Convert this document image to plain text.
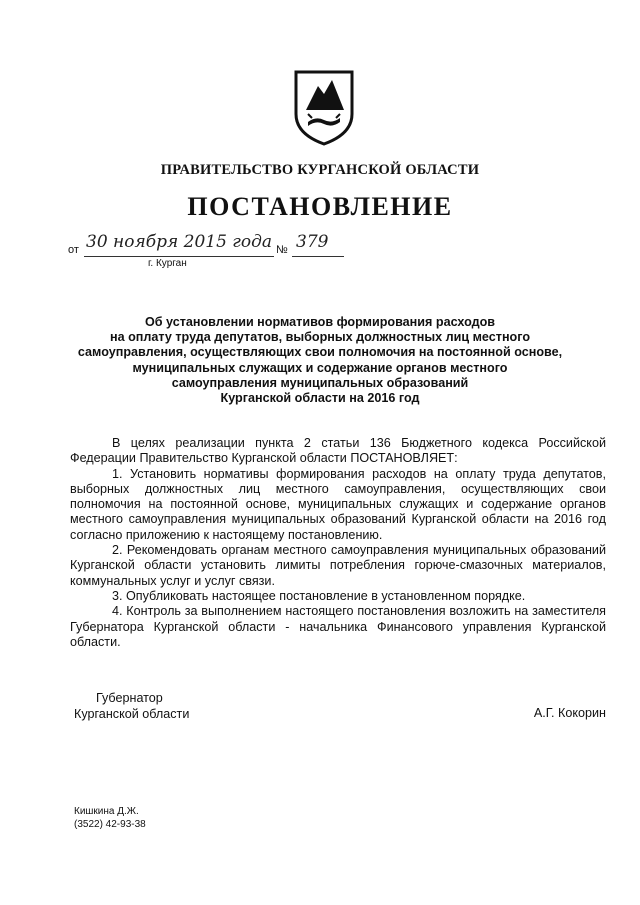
ПРАВИТЕЛЬСТВО КУРГАНСКОЙ ОБЛАСТИ
ПОСТАНОВЛЕНИЕ
от 30 ноября 2015 года № 379
г. Курган
Об установлении нормативов формирования расходов
на оплату труда депутатов, выборных должностных лиц местного
самоуправления, осуществляющих свои полномочия на постоянной основе,
муниципальных служащих и содержание органов местного
самоуправления муниципальных образований
Курганской области на 2016 год

В целях реализации пункта 2 статьи 136 Бюджетного кодекса Российской Федерации Правительство Курганской области ПОСТАНОВЛЯЕТ:

1. Установить нормативы формирования расходов на оплату труда депутатов, выборных должностных лиц местного самоуправления, осуществляющих свои полномочия на постоянной основе, муниципальных служащих и содержание органов местного самоуправления муниципальных образований Курганской области на 2016 год согласно приложению к настоящему постановлению.

2. Рекомендовать органам местного самоуправления муниципальных образований Курганской области установить лимиты потребления горюче-смазочных материалов, коммунальных услуг и услуг связи.

3. Опубликовать настоящее постановление в установленном порядке.

4. Контроль за выполнением настоящего постановления возложить на заместителя Губернатора Курганской области - начальника Финансового управления Курганской области.

Губернатор
Курганской области	А.Г. Кокорин
Кишкина Д.Ж.
(3522) 42-93-38
